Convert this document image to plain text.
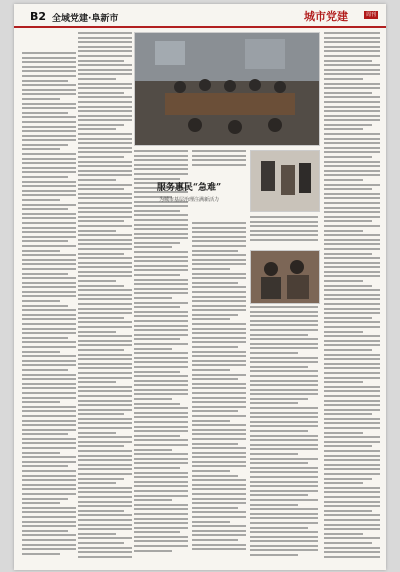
B2 全域党建·阜新市	城市党建	周刊
服务惠民“急难”
为城市基层治理注满新活力
